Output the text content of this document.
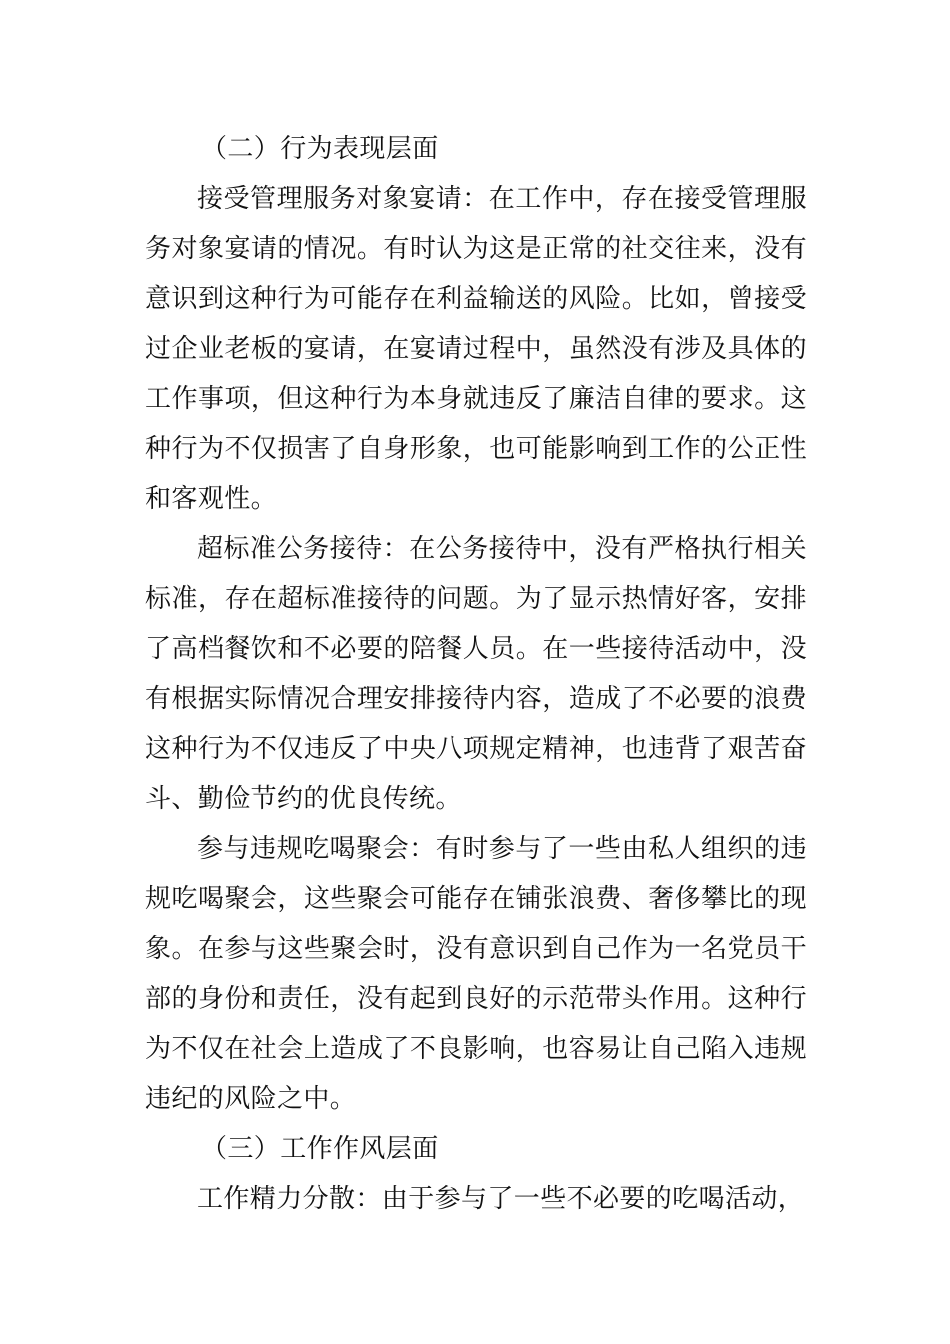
（二）行为表现层面

接受管理服务对象宴请：在工作中，存在接受管理服务对象宴请的情况。有时认为这是正常的社交往来，没有意识到这种行为可能存在利益输送的风险。比如，曾接受过企业老板的宴请，在宴请过程中，虽然没有涉及具体的工作事项，但这种行为本身就违反了廉洁自律的要求。这种行为不仅损害了自身形象，也可能影响到工作的公正性和客观性。

超标准公务接待：在公务接待中，没有严格执行相关标准，存在超标准接待的问题。为了显示热情好客，安排了高档餐饮和不必要的陪餐人员。在一些接待活动中，没有根据实际情况合理安排接待内容，造成了不必要的浪费这种行为不仅违反了中央八项规定精神，也违背了艰苦奋斗、勤俭节约的优良传统。

参与违规吃喝聚会：有时参与了一些由私人组织的违规吃喝聚会，这些聚会可能存在铺张浪费、奢侈攀比的现象。在参与这些聚会时，没有意识到自己作为一名党员干部的身份和责任，没有起到良好的示范带头作用。这种行为不仅在社会上造成了不良影响，也容易让自己陷入违规违纪的风险之中。

（三）工作作风层面

工作精力分散：由于参与了一些不必要的吃喝活动，
